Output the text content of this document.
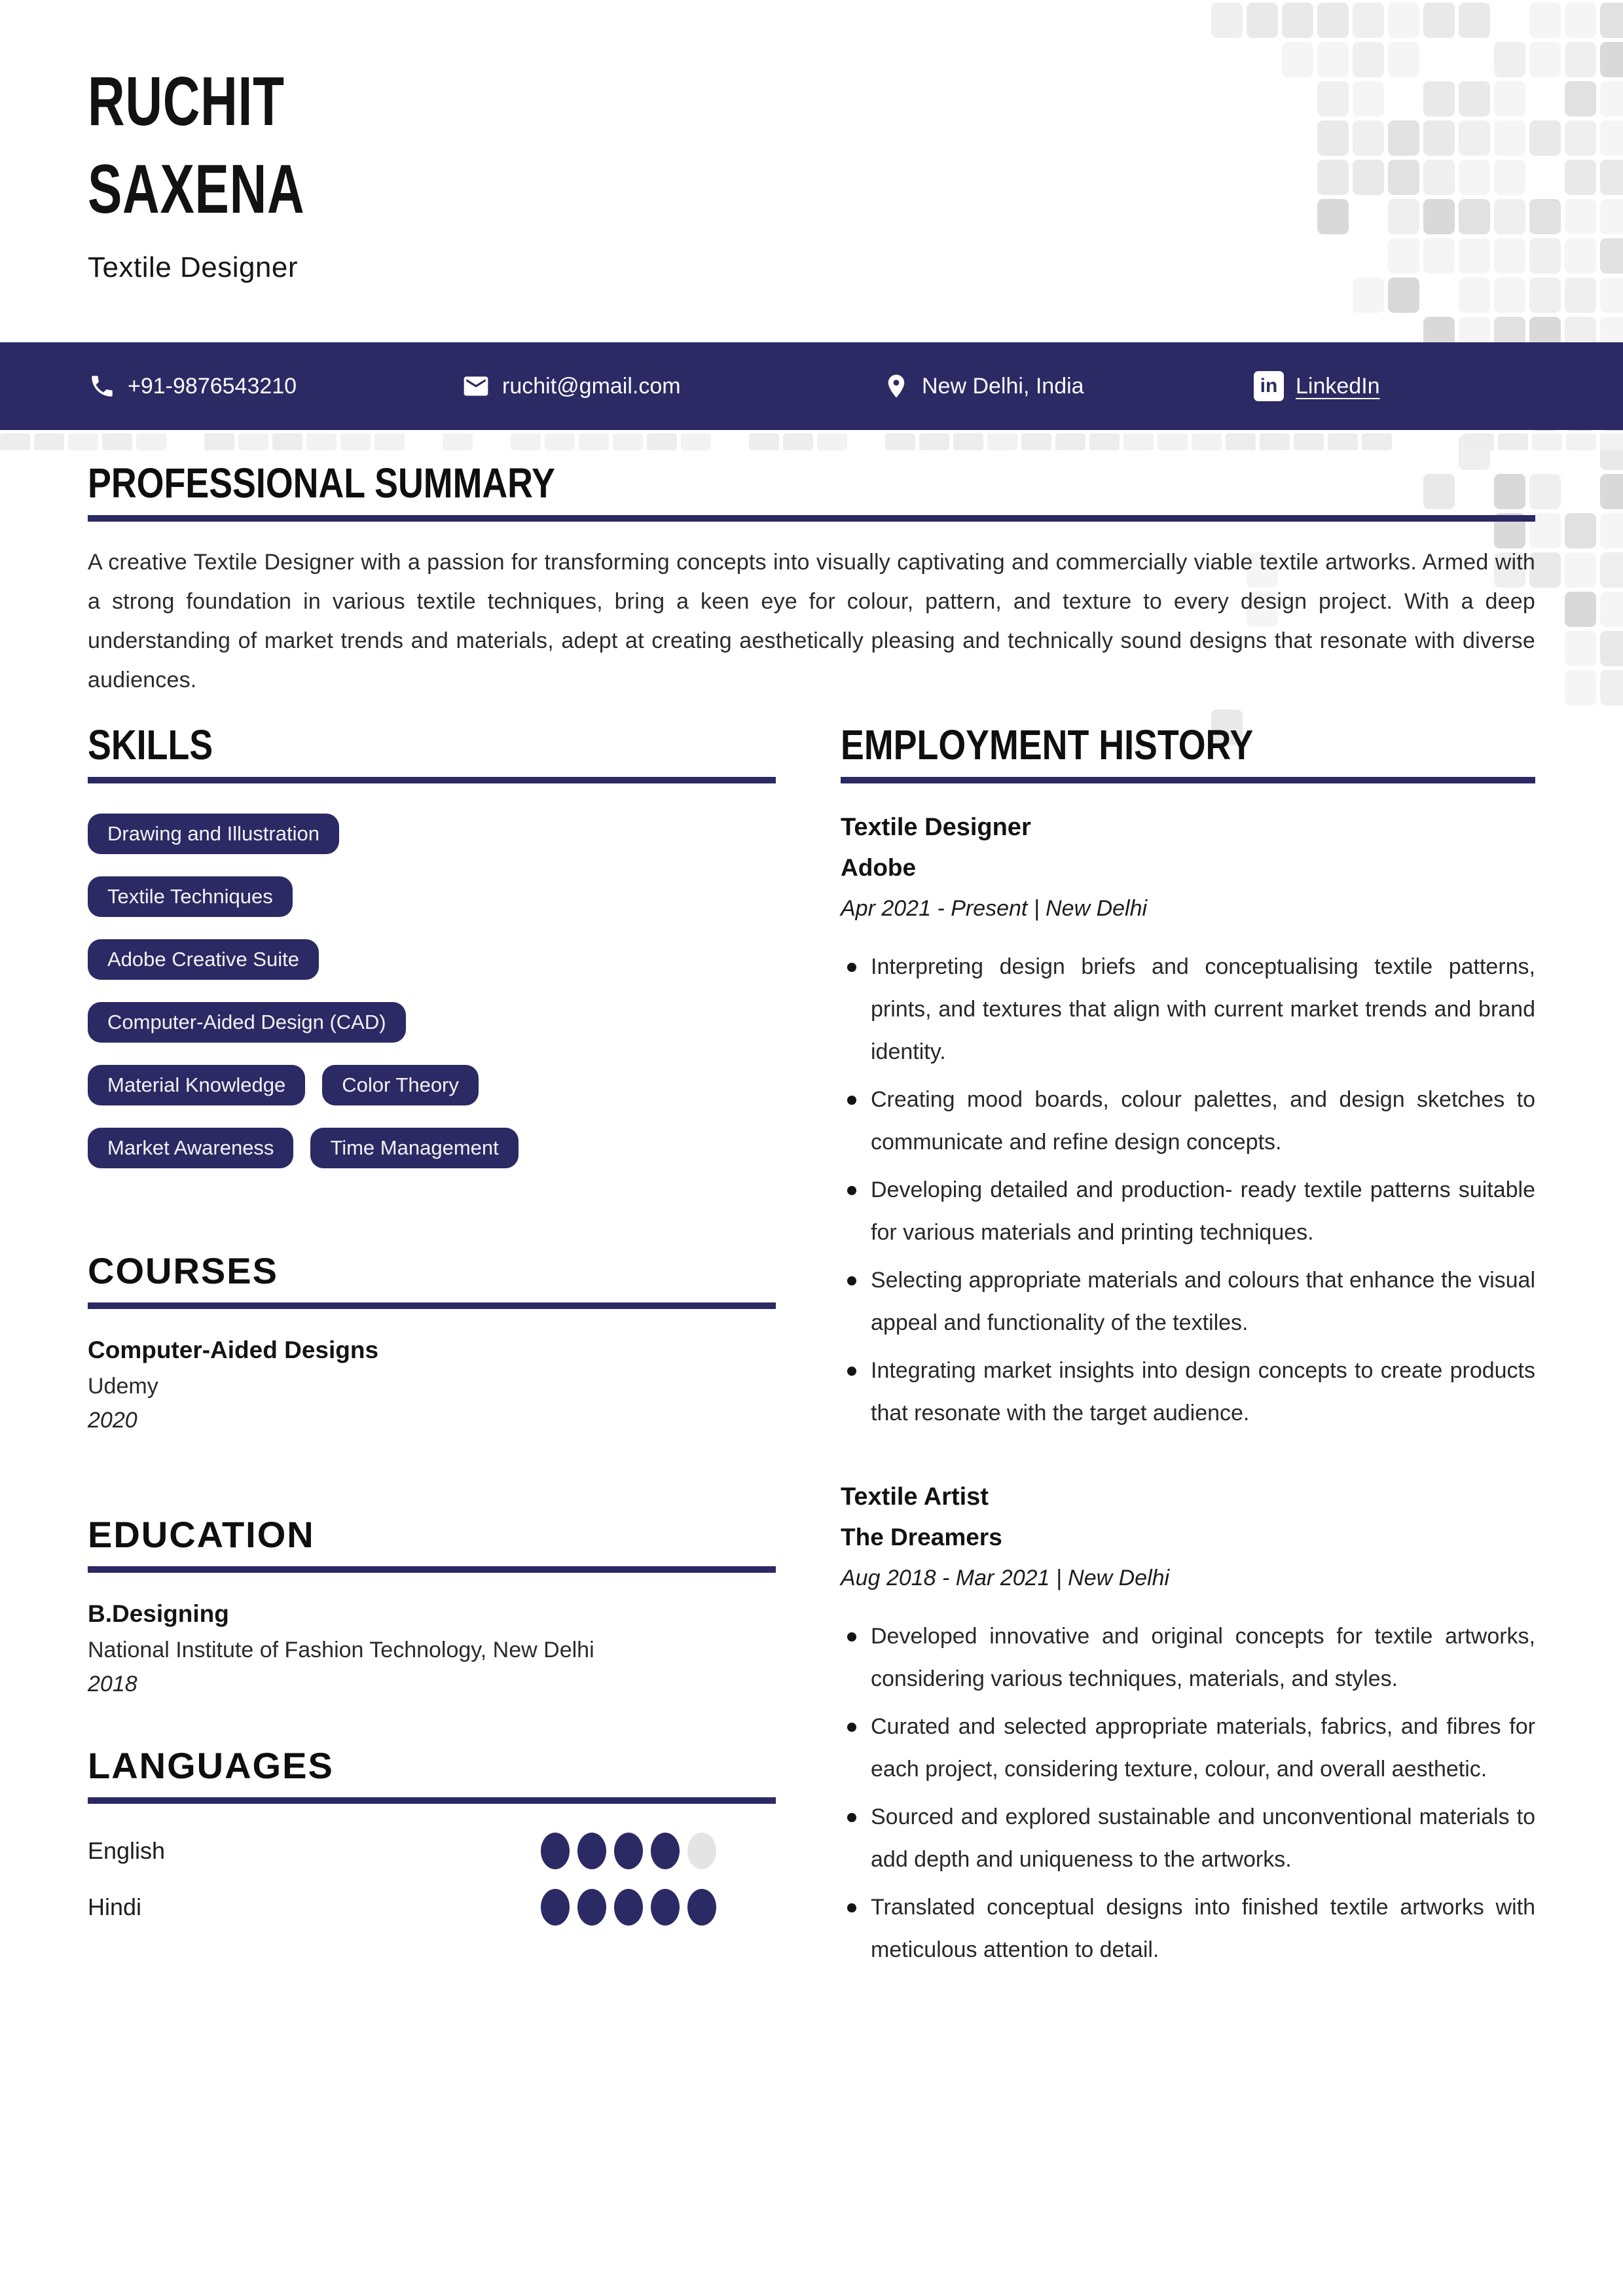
RUCHIT
SAXENA
Textile Designer
+91-9876543210	ruchit@gmail.com	New Delhi, India	in LinkedIn
PROFESSIONAL SUMMARY

A creative Textile Designer with a passion for transforming concepts into visually captivating and commercially viable textile artworks. Armed with a strong foundation in various textile techniques, bring a keen eye for colour, pattern, and texture to every design project. With a deep understanding of market trends and materials, adept at creating aesthetically pleasing and technically sound designs that resonate with diverse audiences.

SKILLS
Drawing and Illustration
Textile Techniques
Adobe Creative Suite
Computer-Aided Design (CAD)
Material Knowledge	Color Theory
Market Awareness	Time Management
COURSES
Computer-Aided Designs
Udemy
2020
EDUCATION
B.Designing
National Institute of Fashion Technology, New Delhi
2018
LANGUAGES
English
Hindi
EMPLOYMENT HISTORY
Textile Designer
Adobe
Apr 2021 - Present | New Delhi
Interpreting design briefs and conceptualising textile patterns, prints, and textures that align with current market trends and brand identity.
Creating mood boards, colour palettes, and design sketches to communicate and refine design concepts.
Developing detailed and production- ready textile patterns suitable for various materials and printing techniques.
Selecting appropriate materials and colours that enhance the visual appeal and functionality of the textiles.
Integrating market insights into design concepts to create products that resonate with the target audience.
Textile Artist
The Dreamers
Aug 2018 - Mar 2021 | New Delhi
Developed innovative and original concepts for textile artworks, considering various techniques, materials, and styles.
Curated and selected appropriate materials, fabrics, and fibres for each project, considering texture, colour, and overall aesthetic.
Sourced and explored sustainable and unconventional materials to add depth and uniqueness to the artworks.
Translated conceptual designs into finished textile artworks with meticulous attention to detail.
